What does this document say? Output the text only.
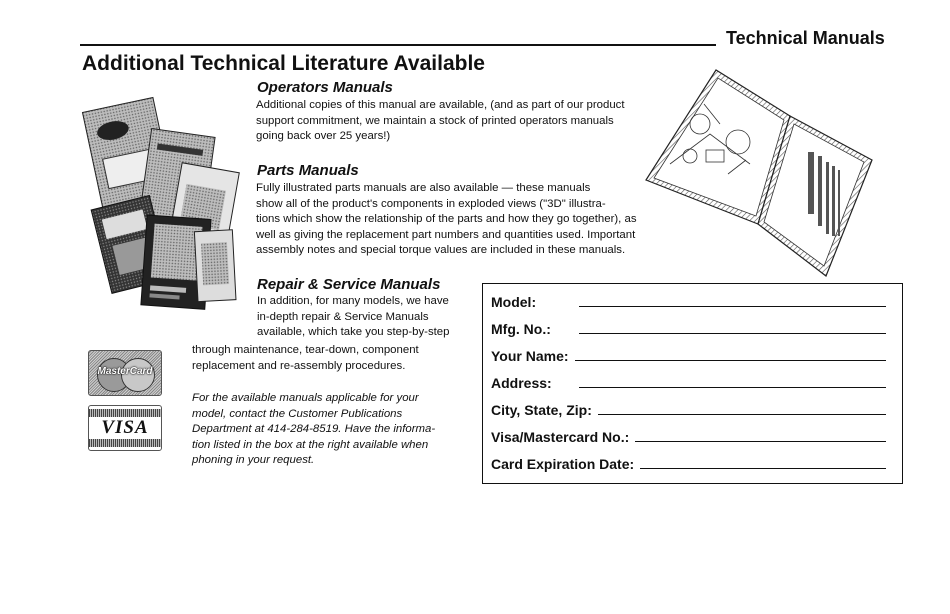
Technical Manuals
Additional Technical Literature Available
Operators Manuals
Additional copies of this manual are available, (and as part of our product
support commitment, we maintain a stock of printed operators manuals
going back over 25 years!)
Parts Manuals
Fully illustrated parts manuals are also available — these manuals
show all of the product's components in exploded views ("3D" illustra-
tions which show the relationship of the parts and how they go together), as
well as giving the replacement part numbers and quantities used. Important
assembly notes and special torque values are included in these manuals.
Repair & Service Manuals
In addition, for many models, we have
in-depth repair & Service Manuals
available, which take you step-by-step
through maintenance, tear-down, component
replacement and re-assembly procedures.
For the available manuals applicable for your
model, contact the Customer Publications
Department at 414-284-8519. Have the informa-
tion listed in the box at the right available when
phoning in your request.
MasterCard
VISA
Model:
Mfg. No.:
Your Name:
Address:
City, State, Zip:
Visa/Mastercard No.:
Card Expiration Date:
